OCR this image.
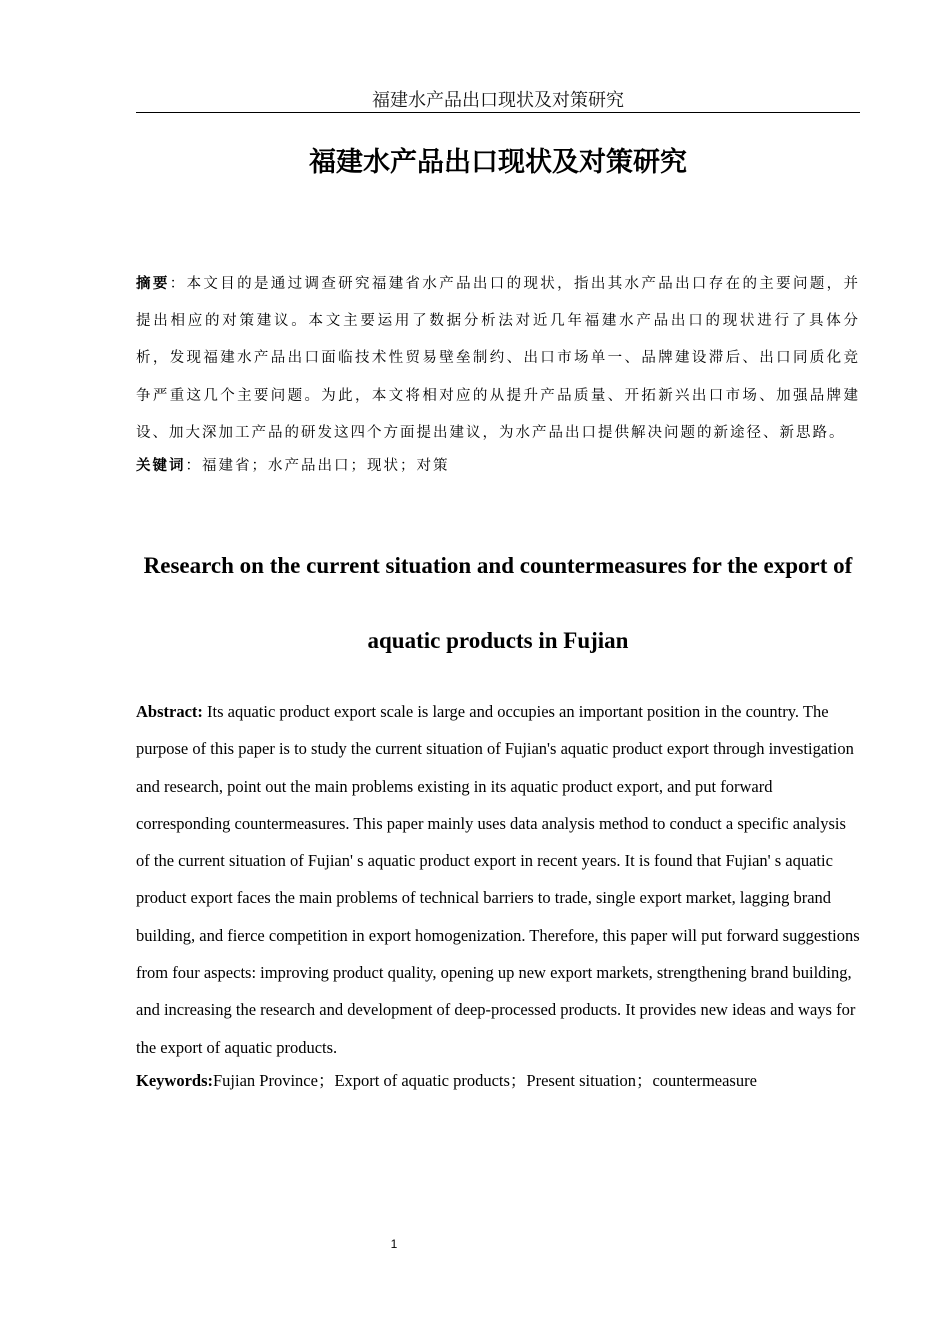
福建水产品出口现状及对策研究
福建水产品出口现状及对策研究
摘要：本文目的是通过调查研究福建省水产品出口的现状，指出其水产品出口存在的主要问题，并提出相应的对策建议。本文主要运用了数据分析法对近几年福建水产品出口的现状进行了具体分析，发现福建水产品出口面临技术性贸易壁垒制约、出口市场单一、品牌建设滞后、出口同质化竞争严重这几个主要问题。为此，本文将相对应的从提升产品质量、开拓新兴出口市场、加强品牌建设、加大深加工产品的研发这四个方面提出建议，为水产品出口提供解决问题的新途径、新思路。
关键词：福建省；水产品出口；现状；对策
Research on the current situation and countermeasures for the export of aquatic products in Fujian
Abstract: Its aquatic product export scale is large and occupies an important position in the country. The purpose of this paper is to study the current situation of Fujian's aquatic product export through investigation and research, point out the main problems existing in its aquatic product export, and put forward corresponding countermeasures. This paper mainly uses data analysis method to conduct a specific analysis of the current situation of Fujian' s aquatic product export in recent years. It is found that Fujian' s aquatic product export faces the main problems of technical barriers to trade, single export market, lagging brand building, and fierce competition in export homogenization. Therefore, this paper will put forward suggestions from four aspects: improving product quality, opening up new export markets, strengthening brand building, and increasing the research and development of deep-processed products. It provides new ideas and ways for the export of aquatic products.
Keywords:Fujian Province；Export of aquatic products；Present situation；countermeasure
1
